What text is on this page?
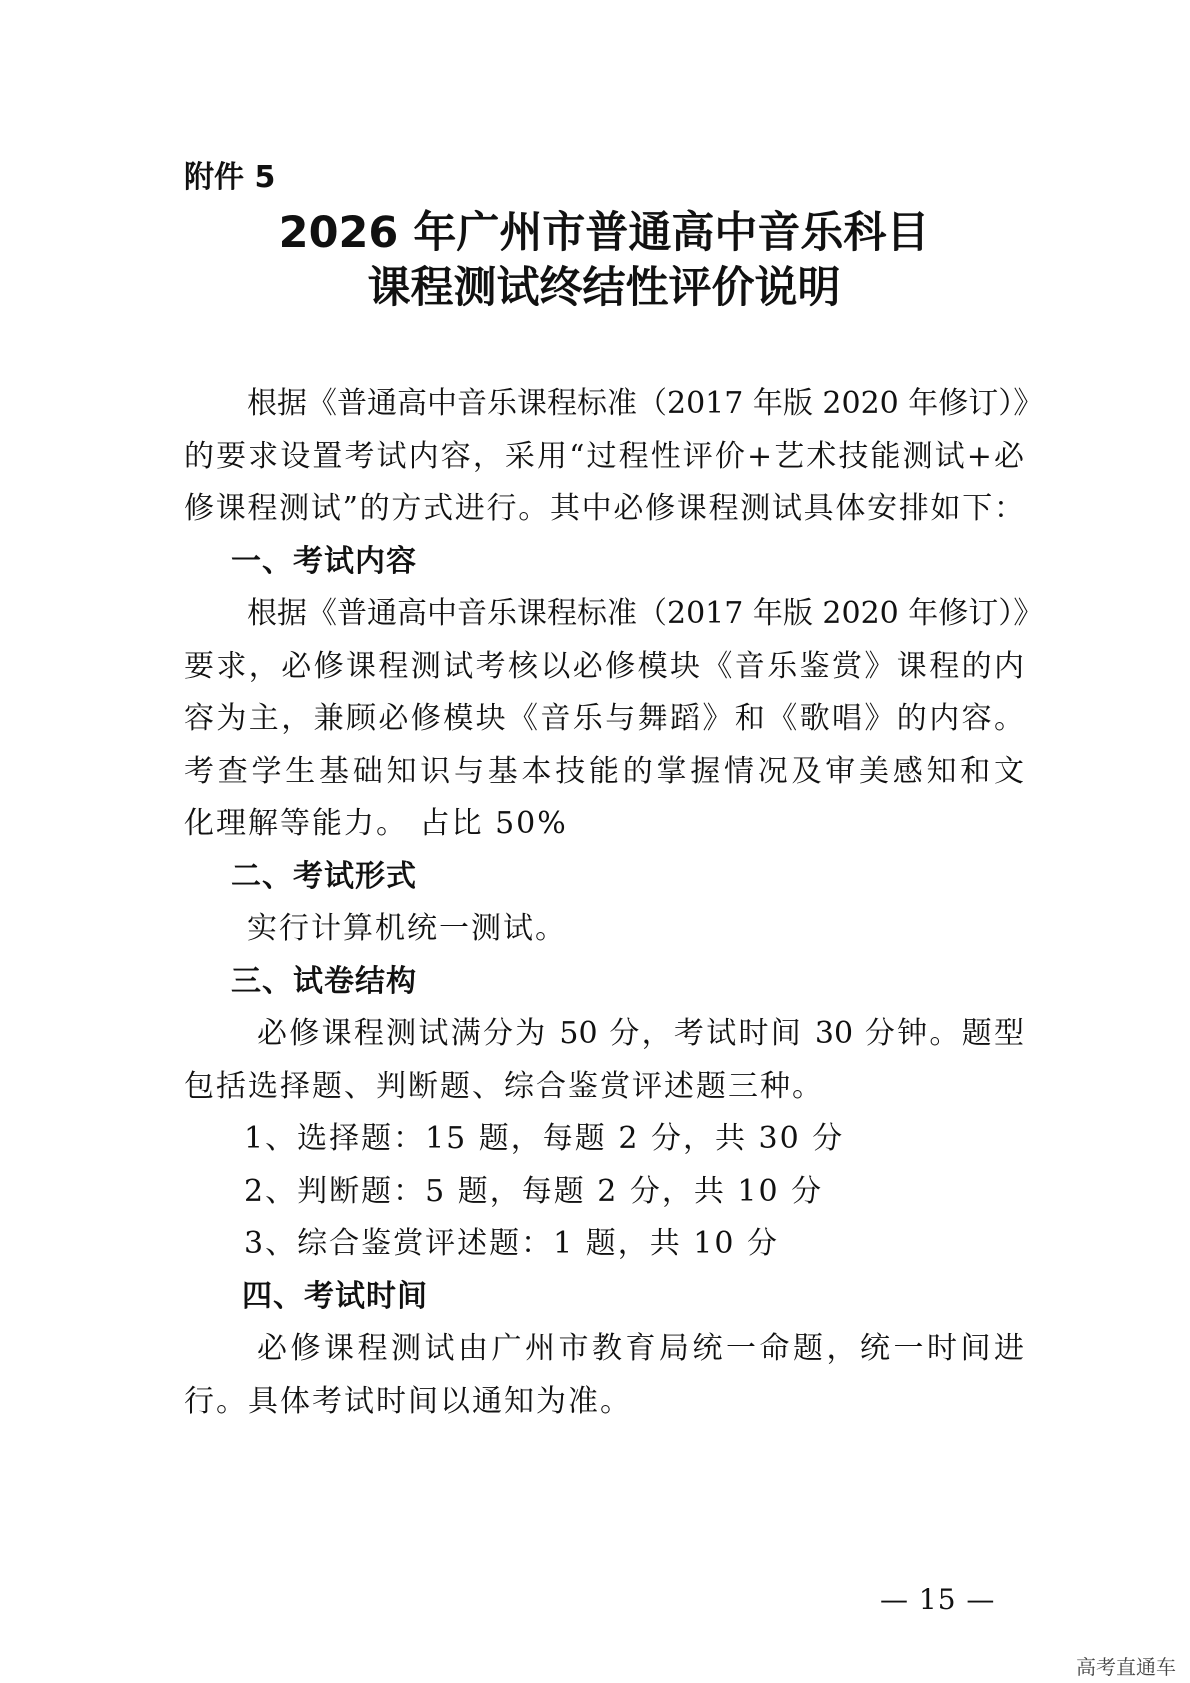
附件 5

2026 年广州市普通高中音乐科目
课程测试终结性评价说明

根据《普通高中音乐课程标准（2017 年版 2020 年修订）》

的要求设置考试内容，采用“过程性评价+艺术技能测试+必

修课程测试”的方式进行。其中必修课程测试具体安排如下：

一、考试内容

根据《普通高中音乐课程标准（2017 年版 2020 年修订）》

要求，必修课程测试考核以必修模块《音乐鉴赏》课程的内

容为主，兼顾必修模块《音乐与舞蹈》和《歌唱》的内容。

考查学生基础知识与基本技能的掌握情况及审美感知和文

化理解等能力。 占比 50%

二、考试形式

实行计算机统一测试。

三、试卷结构

必修课程测试满分为 50 分，考试时间 30 分钟。题型

包括选择题、判断题、综合鉴赏评述题三种。

1、选择题：15 题，每题 2 分，共 30 分

2、判断题：5 题，每题 2 分，共 10 分

3、综合鉴赏评述题：1 题，共 10 分

四、考试时间

必修课程测试由广州市教育局统一命题，统一时间进

行。具体考试时间以通知为准。

— 15 —

高考直通车
